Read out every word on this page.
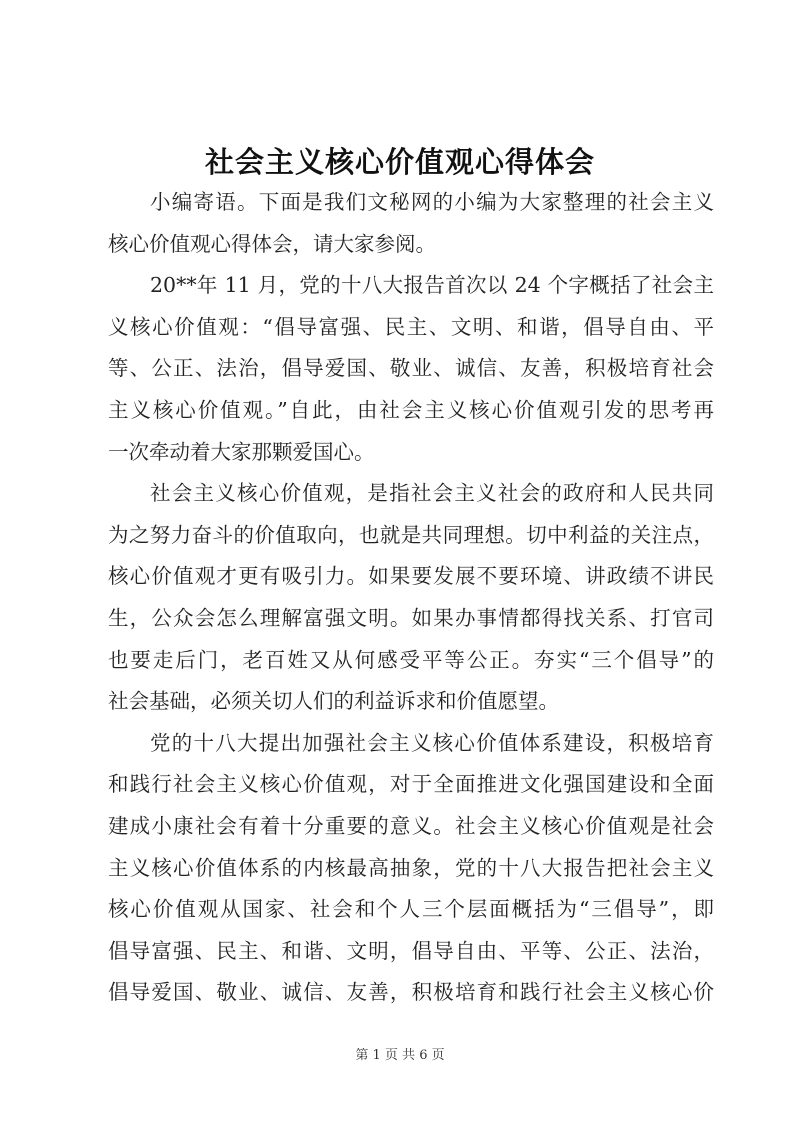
社会主义核心价值观心得体会
小编寄语。下面是我们文秘网的小编为大家整理的社会主义
核心价值观心得体会，请大家参阅。
20**年 11 月，党的十八大报告首次以 24 个字概括了社会主
义核心价值观：“倡导富强、民主、文明、和谐，倡导自由、平
等、公正、法治，倡导爱国、敬业、诚信、友善，积极培育社会
主义核心价值观。”自此，由社会主义核心价值观引发的思考再
一次牵动着大家那颗爱国心。
社会主义核心价值观，是指社会主义社会的政府和人民共同
为之努力奋斗的价值取向，也就是共同理想。切中利益的关注点，
核心价值观才更有吸引力。如果要发展不要环境、讲政绩不讲民
生，公众会怎么理解富强文明。如果办事情都得找关系、打官司
也要走后门，老百姓又从何感受平等公正。夯实“三个倡导”的
社会基础，必须关切人们的利益诉求和价值愿望。
党的十八大提出加强社会主义核心价值体系建设，积极培育
和践行社会主义核心价值观，对于全面推进文化强国建设和全面
建成小康社会有着十分重要的意义。社会主义核心价值观是社会
主义核心价值体系的内核最高抽象，党的十八大报告把社会主义
核心价值观从国家、社会和个人三个层面概括为“三倡导”，即
倡导富强、民主、和谐、文明，倡导自由、平等、公正、法治，
倡导爱国、敬业、诚信、友善，积极培育和践行社会主义核心价
第 1 页 共 6 页
